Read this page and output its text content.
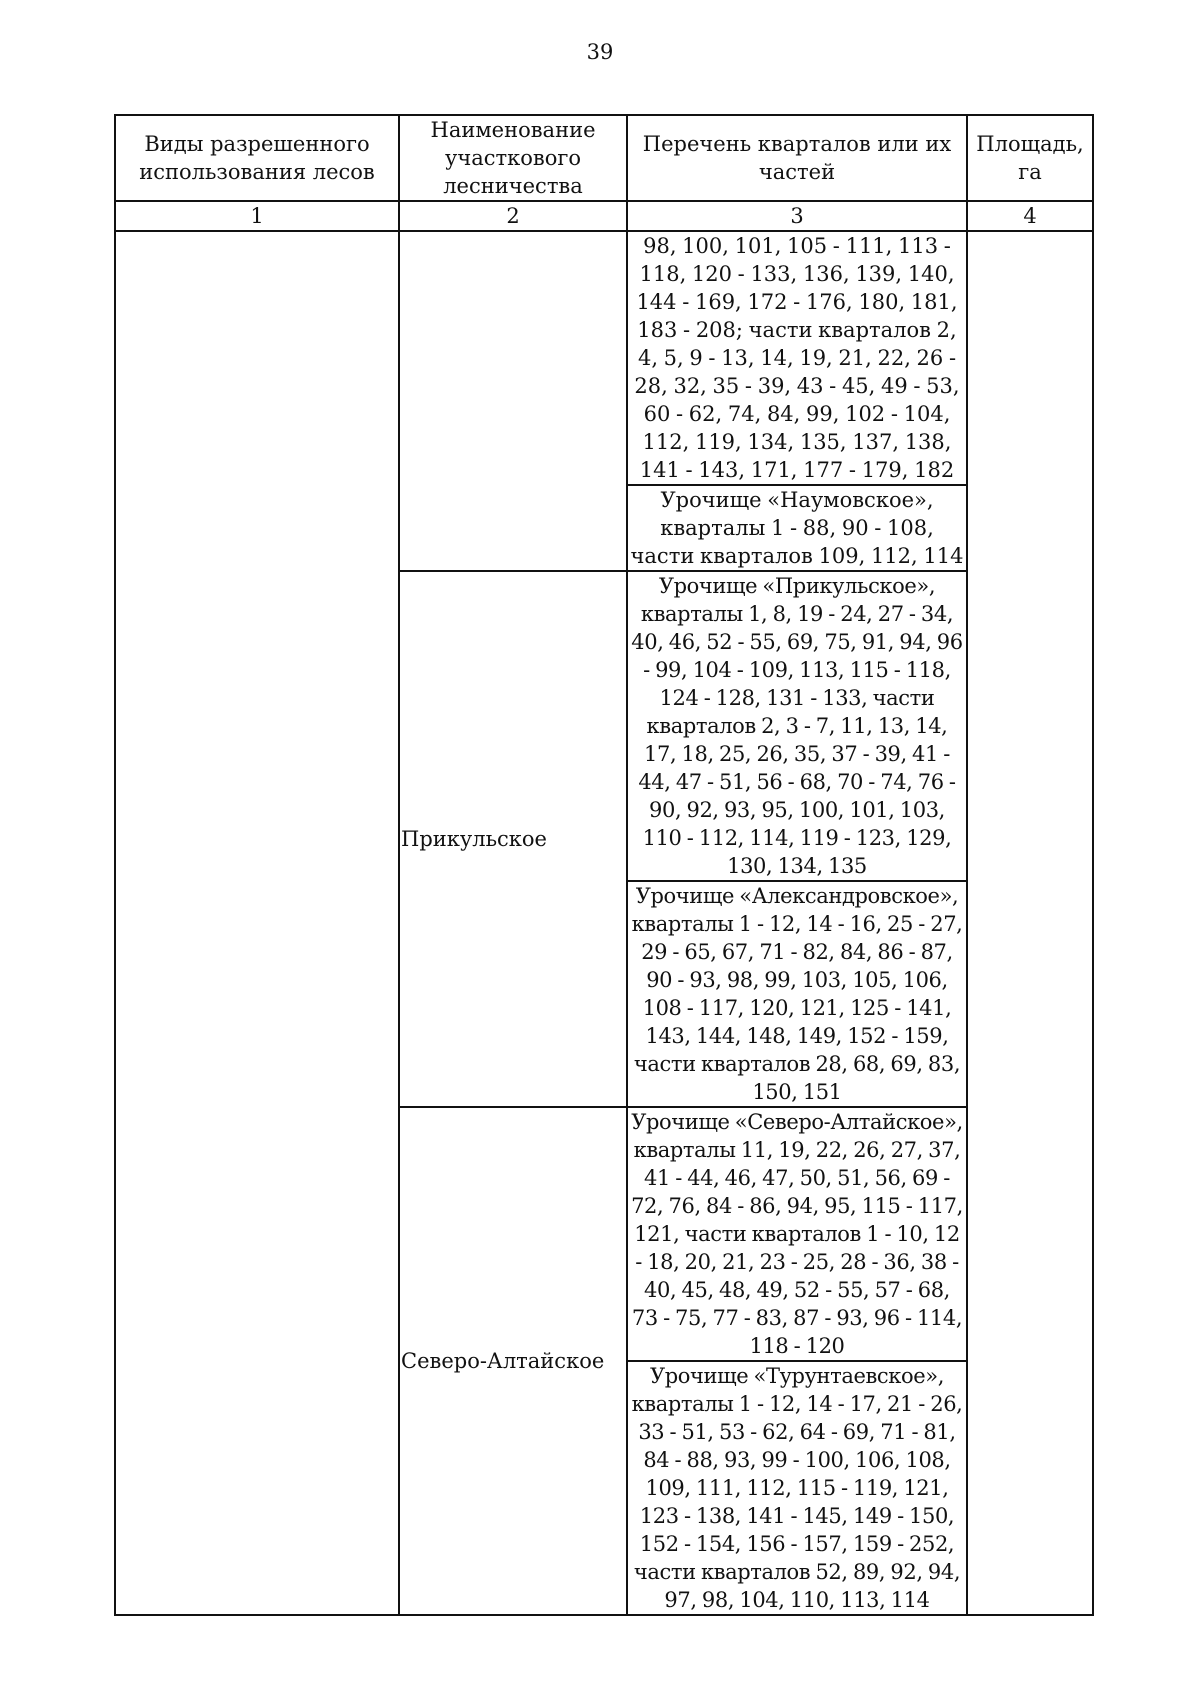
39
Виды разрешенного использования лесов	Наименование участкового лесничества	Перечень кварталов или их частей	Площадь, га
1	2	3	4
		98, 100, 101, 105 - 111, 113 - 118, 120 - 133, 136, 139, 140, 144 - 169, 172 - 176, 180, 181, 183 - 208; части кварталов 2, 4, 5, 9 - 13, 14, 19, 21, 22, 26 - 28, 32, 35 - 39, 43 - 45, 49 - 53, 60 - 62, 74, 84, 99, 102 - 104, 112, 119, 134, 135, 137, 138, 141 - 143, 171, 177 - 179, 182	
		Урочище «Наумовское», кварталы 1 - 88, 90 - 108, части кварталов 109, 112, 114	
	Прикульское	Урочище «Прикульское», кварталы 1, 8, 19 - 24, 27 - 34, 40, 46, 52 - 55, 69, 75, 91, 94, 96 - 99, 104 - 109, 113, 115 - 118, 124 - 128, 131 - 133, части кварталов 2, 3 - 7, 11, 13, 14, 17, 18, 25, 26, 35, 37 - 39, 41 - 44, 47 - 51, 56 - 68, 70 - 74, 76 - 90, 92, 93, 95, 100, 101, 103, 110 - 112, 114, 119 - 123, 129, 130, 134, 135	
		Урочище «Александровское», кварталы 1 - 12, 14 - 16, 25 - 27, 29 - 65, 67, 71 - 82, 84, 86 - 87, 90 - 93, 98, 99, 103, 105, 106, 108 - 117, 120, 121, 125 - 141, 143, 144, 148, 149, 152 - 159, части кварталов 28, 68, 69, 83, 150, 151	
	Северо-Алтайское	Урочище «Северо-Алтайское», кварталы 11, 19, 22, 26, 27, 37, 41 - 44, 46, 47, 50, 51, 56, 69 - 72, 76, 84 - 86, 94, 95, 115 - 117, 121, части кварталов 1 - 10, 12 - 18, 20, 21, 23 - 25, 28 - 36, 38 - 40, 45, 48, 49, 52 - 55, 57 - 68, 73 - 75, 77 - 83, 87 - 93, 96 - 114, 118 - 120	
		Урочище «Турунтаевское», кварталы 1 - 12, 14 - 17, 21 - 26, 33 - 51, 53 - 62, 64 - 69, 71 - 81, 84 - 88, 93, 99 - 100, 106, 108, 109, 111, 112, 115 - 119, 121, 123 - 138, 141 - 145, 149 - 150, 152 - 154, 156 - 157, 159 - 252, части кварталов 52, 89, 92, 94, 97, 98, 104, 110, 113, 114	
